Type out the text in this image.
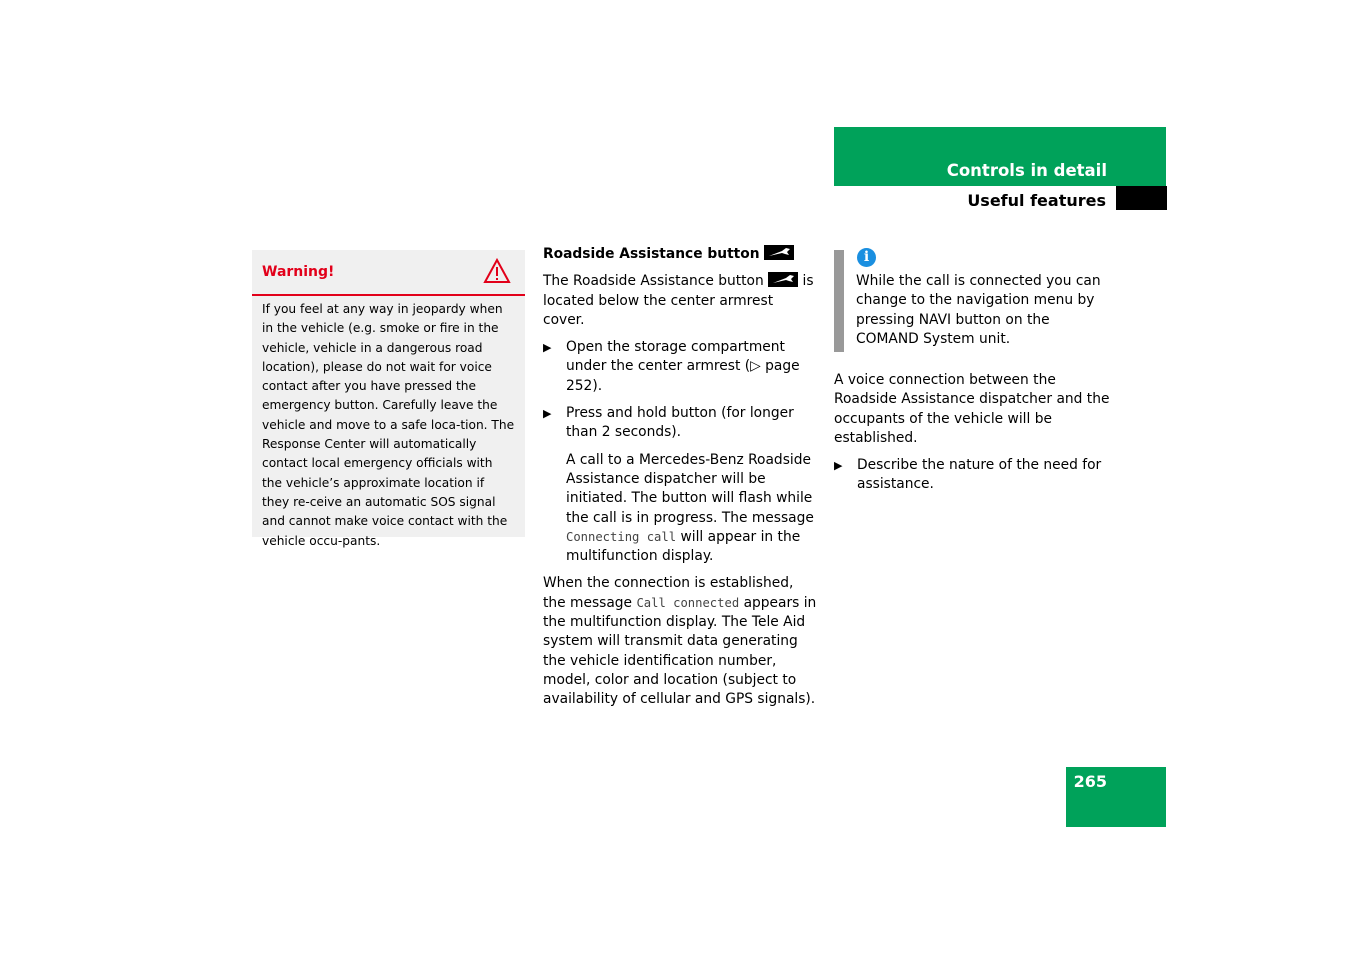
Controls in detail
Useful features
Warning!
If you feel at any way in jeopardy when in the vehicle (e.g. smoke or fire in the vehicle, vehicle in a dangerous road location), please do not wait for voice contact after you have pressed the emergency button. Carefully leave the vehicle and move to a safe loca-tion. The Response Center will automatically contact local emergency officials with the vehicle’s approximate location if they re-ceive an automatic SOS signal and cannot make voice contact with the vehicle occu-pants.

Roadside Assistance button

The Roadside Assistance button	is located below the center armrest cover.

▶ Open the storage compartment under the center armrest (▷ page 252).

▶ Press and hold button (for longer than 2 seconds).

A call to a Mercedes-Benz Roadside Assistance dispatcher will be initiated. The button will flash while the call is in progress. The message Connecting call will appear in the multifunction display.

When the connection is established, the message Call connected appears in the multifunction display. The Tele Aid system will transmit data generating the vehicle identification number, model, color and location (subject to availability of cellular and GPS signals).

i
While the call is connected you can change to the navigation menu by pressing NAVI button on the COMAND System unit.

A voice connection between the Roadside Assistance dispatcher and the occupants of the vehicle will be established.

▶ Describe the nature of the need for assistance.

265
